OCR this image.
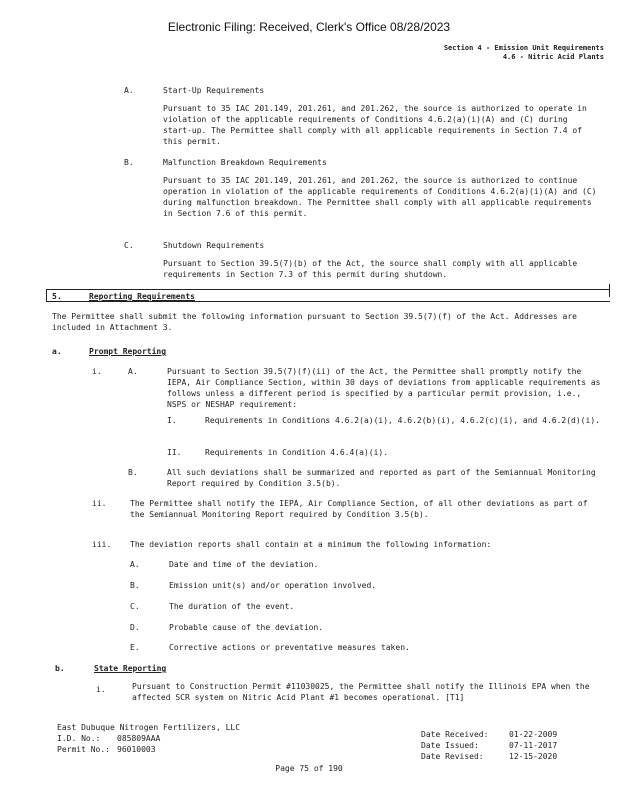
Electronic Filing: Received, Clerk's Office 08/28/2023
Section 4 - Emission Unit Requirements
4.6 - Nitric Acid Plants
A.	Start-Up Requirements
Pursuant to 35 IAC 201.149, 201.261, and 201.262, the source is authorized to operate in violation of the applicable requirements of Conditions 4.6.2(a)(i)(A) and (C) during start-up. The Permittee shall comply with all applicable requirements in Section 7.4 of this permit.
B.	Malfunction Breakdown Requirements
Pursuant to 35 IAC 201.149, 201.261, and 201.262, the source is authorized to continue operation in violation of the applicable requirements of Conditions 4.6.2(a)(i)(A) and (C) during malfunction breakdown. The Permittee shall comply with all applicable requirements in Section 7.6 of this permit.
C.	Shutdown Requirements
Pursuant to Section 39.5(7)(b) of the Act, the source shall comply with all applicable requirements in Section 7.3 of this permit during shutdown.
5.	Reporting Requirements
The Permittee shall submit the following information pursuant to Section 39.5(7)(f) of the Act. Addresses are included in Attachment 3.
a.	Prompt Reporting
i.	A.	Pursuant to Section 39.5(7)(f)(ii) of the Act, the Permittee shall promptly notify the IEPA, Air Compliance Section, within 30 days of deviations from applicable requirements as follows unless a different period is specified by a particular permit provision, i.e., NSPS or NESHAP requirement:
I.	Requirements in Conditions 4.6.2(a)(i), 4.6.2(b)(i), 4.6.2(c)(i), and 4.6.2(d)(i).
II.	Requirements in Condition 4.6.4(a)(i).
B.	All such deviations shall be summarized and reported as part of the Semiannual Monitoring Report required by Condition 3.5(b).
ii.	The Permittee shall notify the IEPA, Air Compliance Section, of all other deviations as part of the Semiannual Monitoring Report required by Condition 3.5(b).
iii. The deviation reports shall contain at a minimum the following information:
A.	Date and time of the deviation.
B.	Emission unit(s) and/or operation involved.
C.	The duration of the event.
D.	Probable cause of the deviation.
E.	Corrective actions or preventative measures taken.
b.	State Reporting
i.	Pursuant to Construction Permit #11030025, the Permittee shall notify the Illinois EPA when the affected SCR system on Nitric Acid Plant #1 becomes operational. [T1]
East Dubuque Nitrogen Fertilizers, LLC
I.D. No.: 085809AAA
Permit No.: 96010003
Date Received:	01-22-2009
Date Issued:	07-11-2017
Date Revised:	12-15-2020
Page 75 of 190
